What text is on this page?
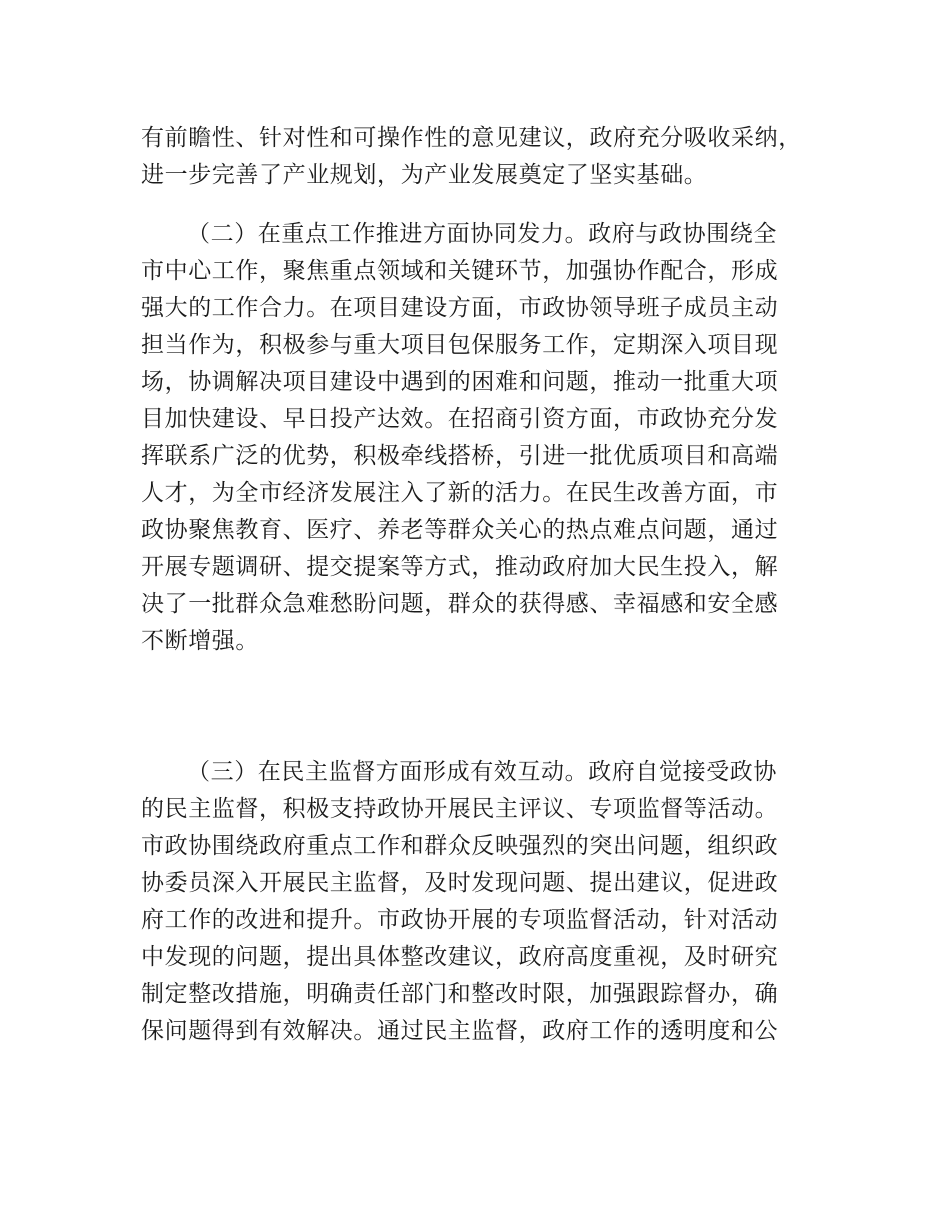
有前瞻性、针对性和可操作性的意见建议，政府充分吸收采纳，
进一步完善了产业规划，为产业发展奠定了坚实基础。
（二）在重点工作推进方面协同发力。政府与政协围绕全
市中心工作，聚焦重点领域和关键环节，加强协作配合，形成
强大的工作合力。在项目建设方面，市政协领导班子成员主动
担当作为，积极参与重大项目包保服务工作，定期深入项目现
场，协调解决项目建设中遇到的困难和问题，推动一批重大项
目加快建设、早日投产达效。在招商引资方面，市政协充分发
挥联系广泛的优势，积极牵线搭桥，引进一批优质项目和高端
人才，为全市经济发展注入了新的活力。在民生改善方面，市
政协聚焦教育、医疗、养老等群众关心的热点难点问题，通过
开展专题调研、提交提案等方式，推动政府加大民生投入，解
决了一批群众急难愁盼问题，群众的获得感、幸福感和安全感
不断增强。
（三）在民主监督方面形成有效互动。政府自觉接受政协
的民主监督，积极支持政协开展民主评议、专项监督等活动。
市政协围绕政府重点工作和群众反映强烈的突出问题，组织政
协委员深入开展民主监督，及时发现问题、提出建议，促进政
府工作的改进和提升。市政协开展的专项监督活动，针对活动
中发现的问题，提出具体整改建议，政府高度重视，及时研究
制定整改措施，明确责任部门和整改时限，加强跟踪督办，确
保问题得到有效解决。通过民主监督，政府工作的透明度和公
